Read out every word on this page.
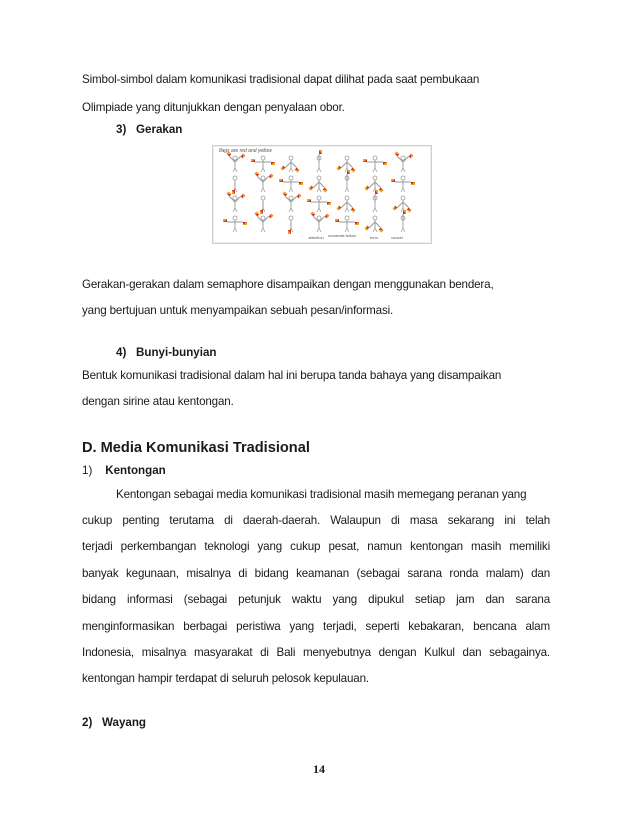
Simbol-simbol dalam komunikasi tradisional dapat dilihat pada saat pembukaan
Olimpiade yang ditunjukkan dengan penyalaan obor.
3) Gerakan
flags are red and yellow
attention	numerals follow	error	cancel
Gerakan-gerakan dalam semaphore disampaikan dengan menggunakan bendera,
yang bertujuan untuk menyampaikan sebuah pesan/informasi.
4) Bunyi-bunyian
Bentuk komunikasi tradisional dalam hal ini berupa tanda bahaya yang disampaikan
dengan sirine atau kentongan.
D. Media Komunikasi Tradisional
1) Kentongan
Kentongan sebagai media komunikasi tradisional masih memegang peranan yang
cukup penting terutama di daerah-daerah. Walaupun di masa sekarang ini telah
terjadi perkembangan teknologi yang cukup pesat, namun kentongan masih memiliki
banyak kegunaan, misalnya di bidang keamanan (sebagai sarana ronda malam) dan
bidang informasi (sebagai petunjuk waktu yang dipukul setiap jam dan sarana
menginformasikan berbagai peristiwa yang terjadi, seperti kebakaran, bencana alam
Indonesia, misalnya masyarakat di Bali menyebutnya dengan Kulkul dan sebagainya.
kentongan hampir terdapat di seluruh pelosok kepulauan.
2) Wayang
14
